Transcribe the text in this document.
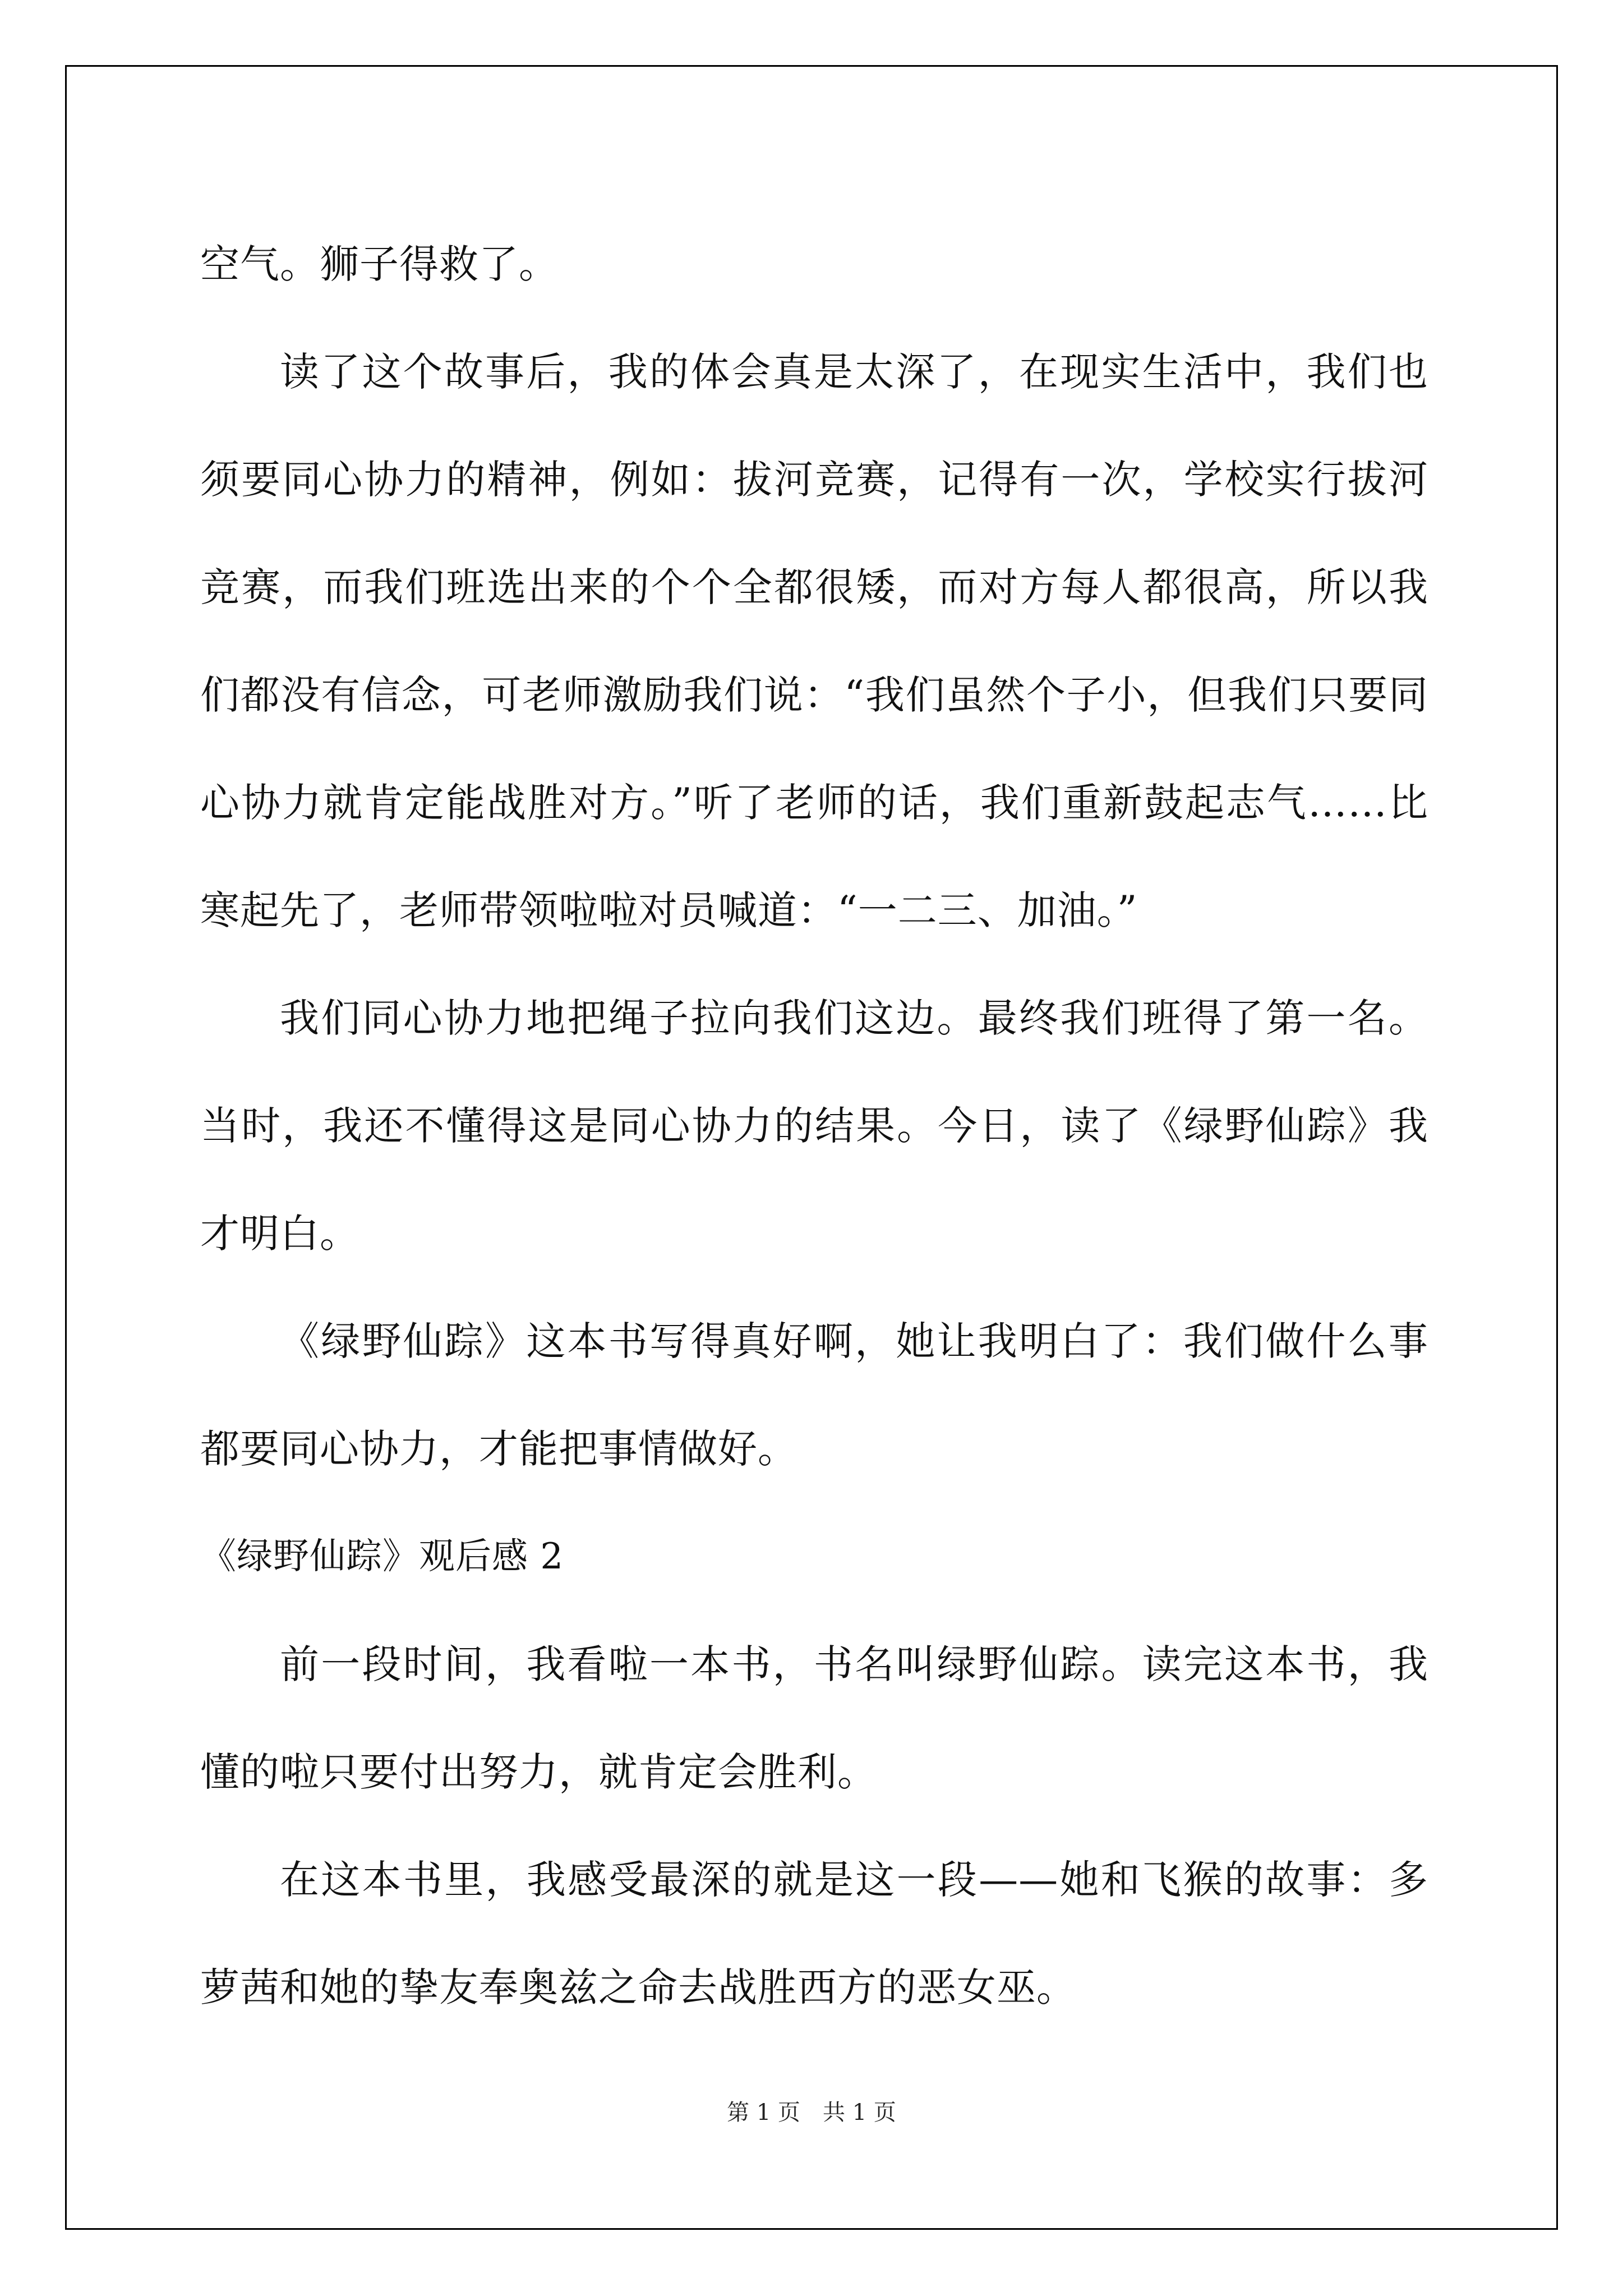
空气。狮子得救了。

读了这个故事后，我的体会真是太深了，在现实生活中，我们也须要同心协力的精神，例如：拔河竞赛，记得有一次，学校实行拔河竞赛，而我们班选出来的个个全都很矮，而对方每人都很高，所以我们都没有信念，可老师激励我们说：“我们虽然个子小，但我们只要同心协力就肯定能战胜对方。”听了老师的话，我们重新鼓起志气……比寒起先了，老师带领啦啦对员喊道：“一二三、加油。”

我们同心协力地把绳子拉向我们这边。最终我们班得了第一名。当时，我还不懂得这是同心协力的结果。今日，读了《绿野仙踪》我才明白。

《绿野仙踪》这本书写得真好啊，她让我明白了：我们做什么事都要同心协力，才能把事情做好。

《绿野仙踪》观后感 2

前一段时间，我看啦一本书，书名叫绿野仙踪。读完这本书，我懂的啦只要付出努力，就肯定会胜利。

在这本书里，我感受最深的就是这一段——她和飞猴的故事：多萝茜和她的挚友奉奥兹之命去战胜西方的恶女巫。

第 1 页 共 1 页
